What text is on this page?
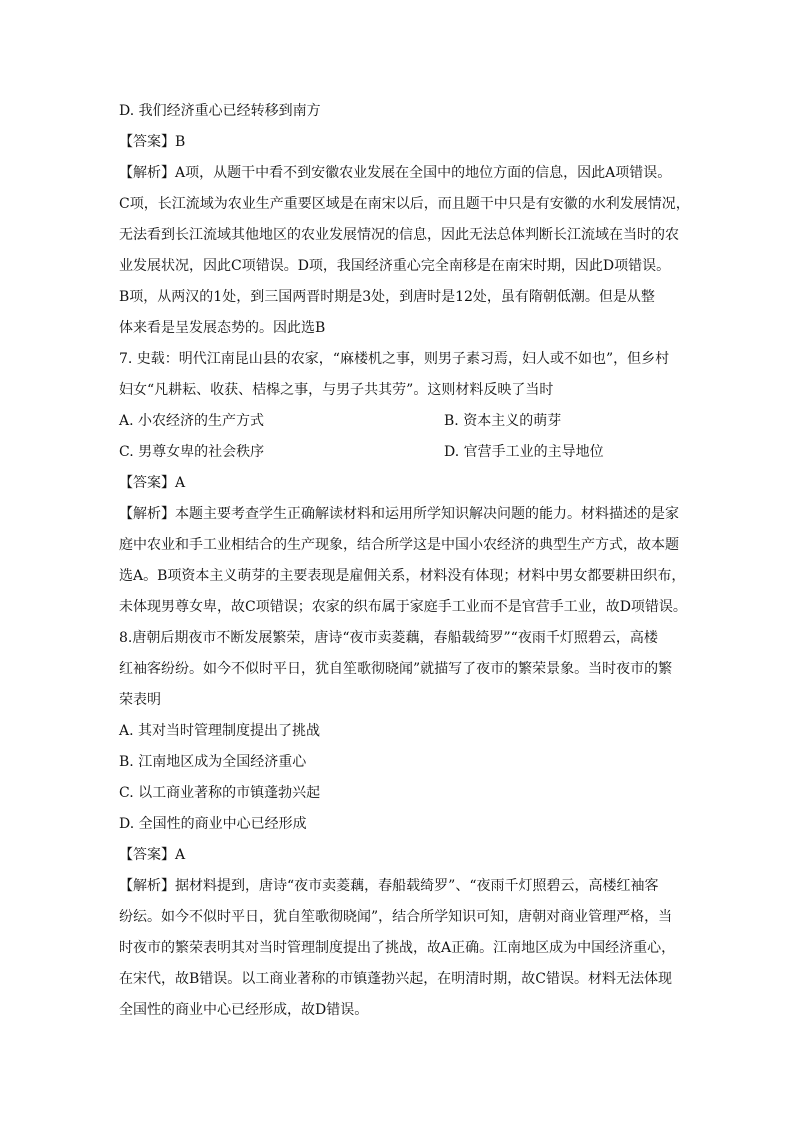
D. 我们经济重心已经转移到南方
【答案】B
【解析】A项，从题干中看不到安徽农业发展在全国中的地位方面的信息，因此A项错误。
C项，长江流域为农业生产重要区域是在南宋以后，而且题干中只是有安徽的水利发展情况，
无法看到长江流域其他地区的农业发展情况的信息，因此无法总体判断长江流域在当时的农
业发展状况，因此C项错误。D项，我国经济重心完全南移是在南宋时期，因此D项错误。
B项，从两汉的1处，到三国两晋时期是3处，到唐时是12处，虽有隋朝低潮。但是从整
体来看是呈发展态势的。因此选B
7. 史载：明代江南昆山县的农家，“麻楼机之事，则男子素习焉，妇人或不如也”，但乡村
妇女“凡耕耘、收获、桔槔之事，与男子共其劳”。这则材料反映了当时
A. 小农经济的生产方式	B. 资本主义的萌芽
C. 男尊女卑的社会秩序	D. 官营手工业的主导地位
【答案】A
【解析】本题主要考查学生正确解读材料和运用所学知识解决问题的能力。材料描述的是家
庭中农业和手工业相结合的生产现象，结合所学这是中国小农经济的典型生产方式，故本题
选A。B项资本主义萌芽的主要表现是雇佣关系，材料没有体现；材料中男女都要耕田织布，
未体现男尊女卑，故C项错误；农家的织布属于家庭手工业而不是官营手工业，故D项错误。
8.唐朝后期夜市不断发展繁荣，唐诗“夜市卖菱藕，春船载绮罗”“夜雨千灯照碧云，高楼
红袖客纷纷。如今不似时平日，犹自笙歌彻晓闻”就描写了夜市的繁荣景象。当时夜市的繁
荣表明
A. 其对当时管理制度提出了挑战
B. 江南地区成为全国经济重心
C. 以工商业著称的市镇蓬勃兴起
D. 全国性的商业中心已经形成
【答案】A
【解析】据材料提到，唐诗“夜市卖菱藕，春船载绮罗”、“夜雨千灯照碧云，高楼红袖客
纷纭。如今不似时平日，犹自笙歌彻晓闻”，结合所学知识可知，唐朝对商业管理严格，当
时夜市的繁荣表明其对当时管理制度提出了挑战，故A正确。江南地区成为中国经济重心，
在宋代，故B错误。以工商业著称的市镇蓬勃兴起，在明清时期，故C错误。材料无法体现
全国性的商业中心已经形成，故D错误。
